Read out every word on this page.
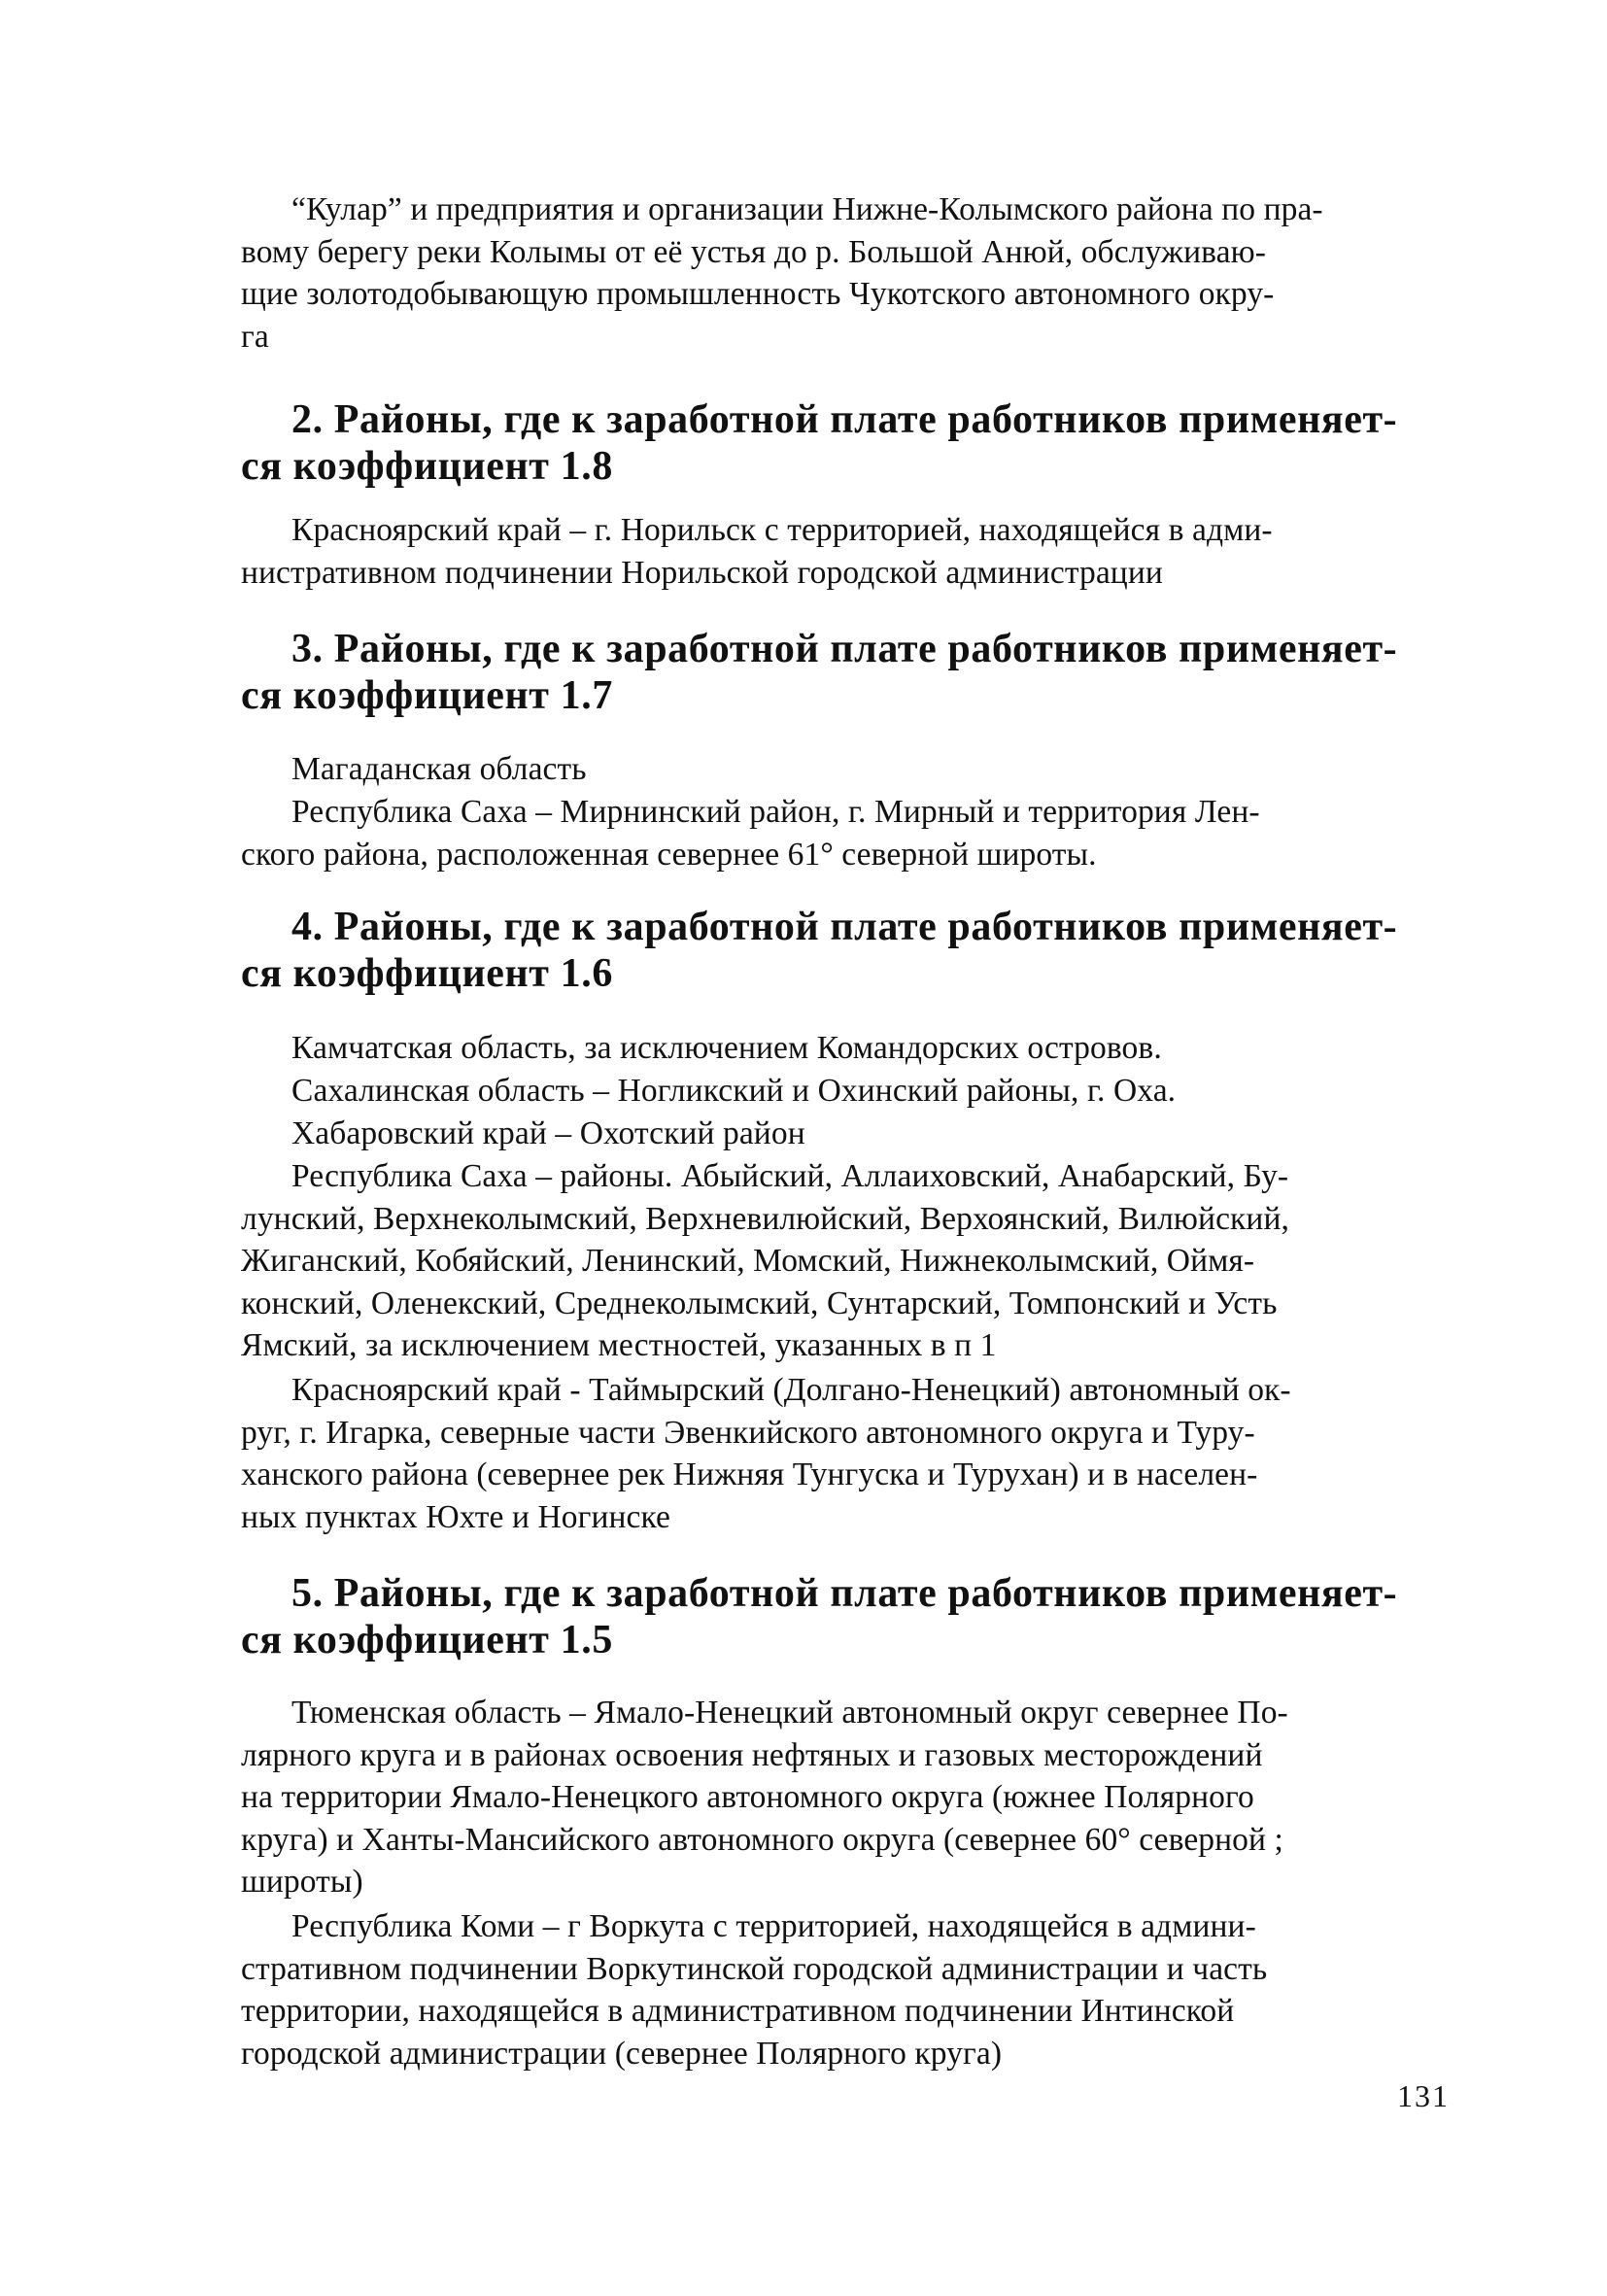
“Кулар” и предприятия и организации Нижне-Колымского района по пра-
вому берегу реки Колымы от её устья до р. Большой Анюй, обслуживаю-
щие золотодобывающую промышленность Чукотского автономного окру-
га
2. Районы, где к заработной плате работников применяет-
ся коэффициент 1.8
Красноярский край – г. Норильск с территорией, находящейся в адми-
нистративном подчинении Норильской городской администрации
3. Районы, где к заработной плате работников применяет-
ся коэффициент 1.7
Магаданская область
Республика Саха – Мирнинский район, г. Мирный и территория Лен-
ского района, расположенная севернее 61° северной широты.
4. Районы, где к заработной плате работников применяет-
ся коэффициент 1.6
Камчатская область, за исключением Командорских островов.
Сахалинская область – Ногликский и Охинский районы, г. Оха.
Хабаровский край – Охотский район
Республика Саха – районы. Абыйский, Аллаиховский, Анабарский, Бу-
лунский, Верхнеколымский, Верхневилюйский, Верхоянский, Вилюйский,
Жиганский, Кобяйский, Ленинский, Момский, Нижнеколымский, Оймя-
конский, Оленекский, Среднеколымский, Сунтарский, Томпонский и Усть
Ямский, за исключением местностей, указанных в п 1
Красноярский край - Таймырский (Долгано-Ненецкий) автономный ок-
руг, г. Игарка, северные части Эвенкийского автономного округа и Туру-
ханского района (севернее рек Нижняя Тунгуска и Турухан) и в населен-
ных пунктах Юхте и Ногинске
5. Районы, где к заработной плате работников применяет-
ся коэффициент 1.5
Тюменская область – Ямало-Ненецкий автономный округ севернее По-
лярного круга и в районах освоения нефтяных и газовых месторождений
на территории Ямало-Ненецкого автономного округа (южнее Полярного
круга) и Ханты-Мансийского автономного округа (севернее 60° северной ;
широты)
Республика Коми – г Воркута с территорией, находящейся в админи-
стративном подчинении Воркутинской городской администрации и часть
территории, находящейся в административном подчинении Интинской
городской администрации (севернее Полярного круга)
131
